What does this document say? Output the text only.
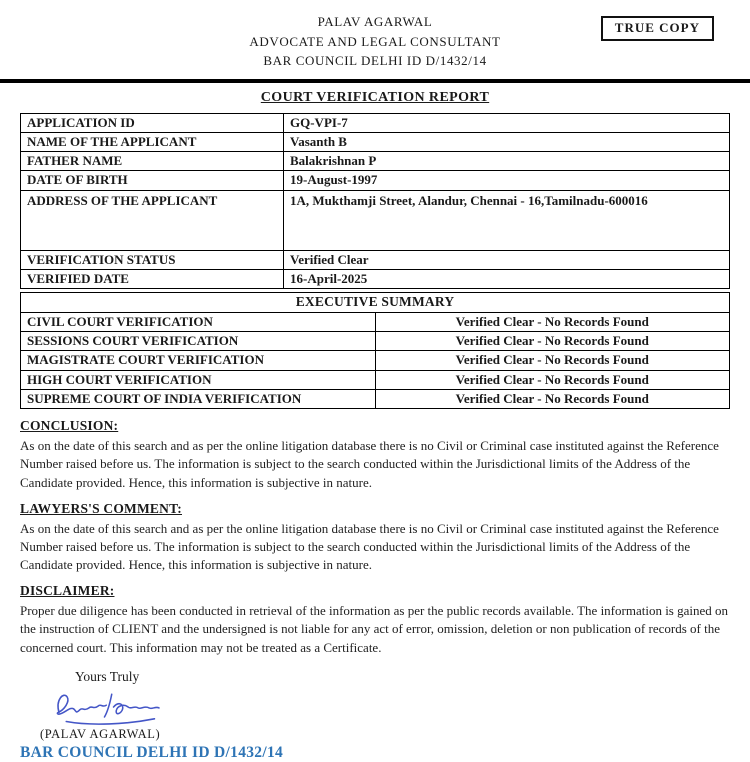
TRUE COPY
PALAV AGARWAL
ADVOCATE AND LEGAL CONSULTANT
BAR COUNCIL DELHI ID D/1432/14
COURT VERIFICATION REPORT
APPLICATION ID	GQ-VPI-7
NAME OF THE APPLICANT	Vasanth B
FATHER NAME	Balakrishnan P
DATE OF BIRTH	19-August-1997
ADDRESS OF THE APPLICANT	1A, Mukthamji Street, Alandur, Chennai - 16,Tamilnadu-600016
VERIFICATION STATUS	Verified Clear
VERIFIED DATE	16-April-2025
EXECUTIVE SUMMARY	
CIVIL COURT VERIFICATION	Verified Clear - No Records Found
SESSIONS COURT VERIFICATION	Verified Clear - No Records Found
MAGISTRATE COURT VERIFICATION	Verified Clear - No Records Found
HIGH COURT VERIFICATION	Verified Clear - No Records Found
SUPREME COURT OF INDIA VERIFICATION	Verified Clear - No Records Found
CONCLUSION:

As on the date of this search and as per the online litigation database there is no Civil or Criminal case instituted against the Reference Number raised before us. The information is subject to the search conducted within the Jurisdictional limits of the Address of the Candidate provided. Hence, this information is subjective in nature.

LAWYERS'S COMMENT:

As on the date of this search and as per the online litigation database there is no Civil or Criminal case instituted against the Reference Number raised before us. The information is subject to the search conducted within the Jurisdictional limits of the Address of the Candidate provided. Hence, this information is subjective in nature.

DISCLAIMER:

Proper due diligence has been conducted in retrieval of the information as per the public records available. The information is gained on the instruction of CLIENT and the undersigned is not liable for any act of error, omission, deletion or non publication of records of the concerned court. This information may not be treated as a Certificate.

Yours Truly
(PALAV AGARWAL)
BAR COUNCIL DELHI ID D/1432/14
